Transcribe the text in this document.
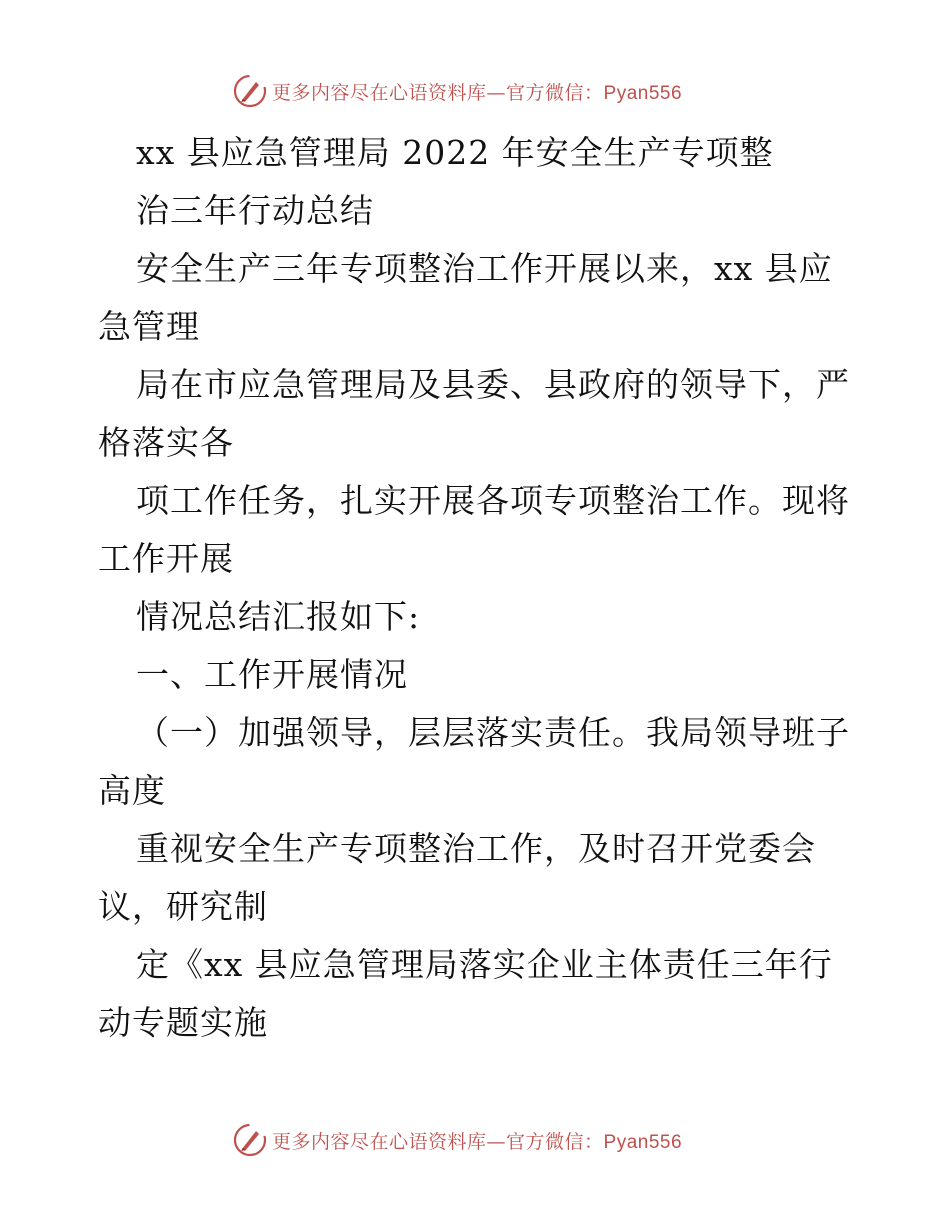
更多内容尽在心语资料库—官方微信：Pyan556
xx 县应急管理局 2022 年安全生产专项整
治三年行动总结
安全生产三年专项整治工作开展以来，xx 县应
急管理
局在市应急管理局及县委、县政府的领导下，严
格落实各
项工作任务，扎实开展各项专项整治工作。现将
工作开展
情况总结汇报如下:
一、工作开展情况
（一）加强领导，层层落实责任。我局领导班子
高度
重视安全生产专项整治工作，及时召开党委会
议，研究制
定《xx 县应急管理局落实企业主体责任三年行
动专题实施
更多内容尽在心语资料库—官方微信：Pyan556
